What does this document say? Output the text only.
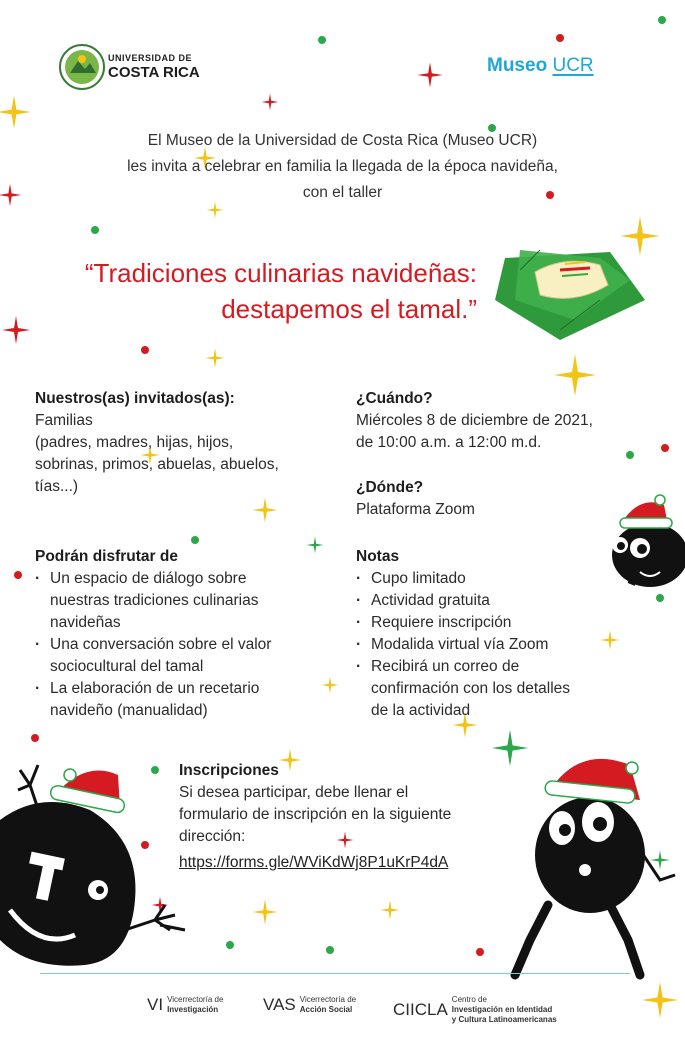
UNIVERSIDAD DE
COSTA RICA	Museo UCR
El Museo de la Universidad de Costa Rica (Museo UCR)
les invita a celebrar en familia la llegada de la época navideña,
con el taller
“Tradiciones culinarias navideñas:
destapemos el tamal.”
Nuestros(as) invitados(as):

Familias

(padres, madres, hijas, hijos,

sobrinas, primos, abuelas, abuelos,

tías...)

¿Cuándo?

Miércoles 8 de diciembre de 2021,

de 10:00 a.m. a 12:00 m.d.

¿Dónde?

Plataforma Zoom

Podrán disfrutar de
· Un espacio de diálogo sobre
nuestras tradiciones culinarias
navideñas
· Una conversación sobre el valor
sociocultural del tamal
· La elaboración de un recetario
navideño (manualidad)
Notas
· Cupo limitado
· Actividad gratuita
· Requiere inscripción
· Modalida virtual vía Zoom
· Recibirá un correo de
confirmación con los detalles
de la actividad
Inscripciones

Si desea participar, debe llenar el

formulario de inscripción en la siguiente

dirección:

https://forms.gle/WViKdWj8P1uKrP4dA

VI Vicerrectoría de
Investigación	VAS Vicerrectoría de
Acción Social CIICLA
Centro de
Investigación en Identidad
y Cultura Latinoamericanas
